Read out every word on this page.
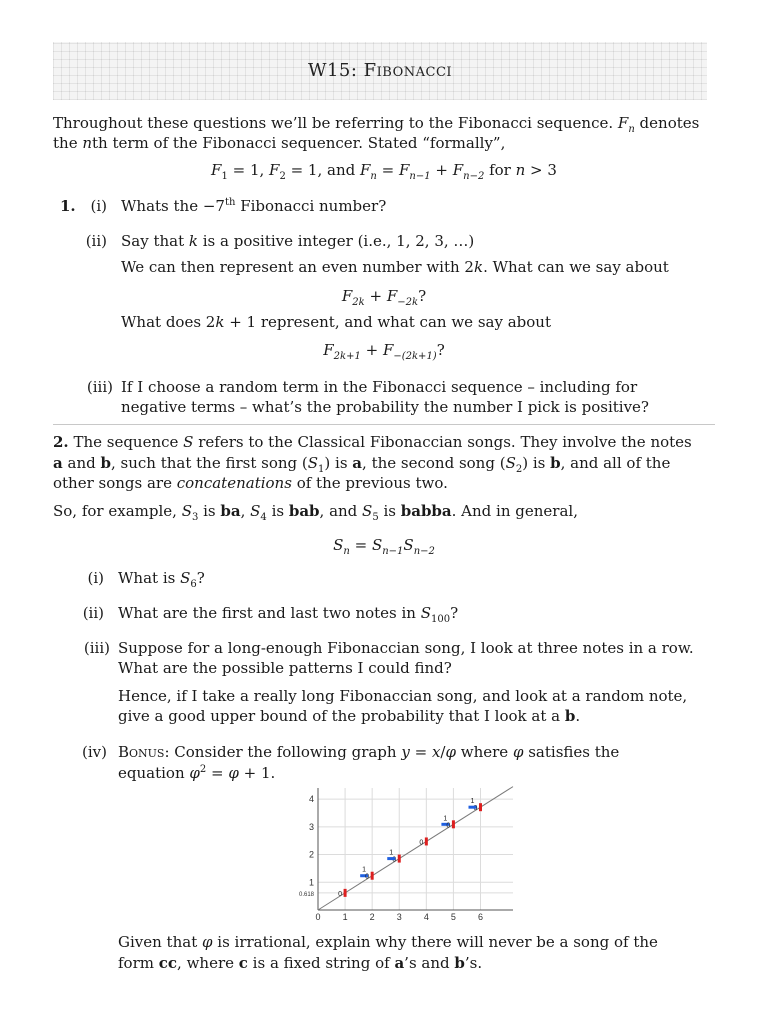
W15: Fibonacci
Throughout these questions we’ll be referring to the Fibonacci sequence. $F_n$ denotes
the nth term of the Fibonacci sequencer. Stated “formally”,
$F_1 = 1$, $F_2 = 1$, and $F_n = F_{n-1} + F_{n-2}$ for n > 3
1. (i) Whats the −7th Fibonacci number?
(ii) Say that k is a positive integer (i.e., 1, 2, 3, …)
We can then represent an even number with 2k. What can we say about
$F_{2k} + F_{-2k}$?
What does 2k + 1 represent, and what can we say about
$F_{2k+1} + F_{-(2k+1)}$?
(iii) If I choose a random term in the Fibonacci sequence – including for
negative terms – what’s the probability the number I pick is positive?
2. The sequence S refers to the Classical Fibonaccian songs. They involve the notes
a and b, such that the first song $(S_1)$ is a, the second song $(S_2)$ is b, and all of the
other songs are concatenations of the previous two.
So, for example, $S_3$ is ba, $S_4$ is bab, and $S_5$ is babba. And in general,
$S_n = S_{n-1}S_{n-2}$
(i) What is $S_6$?
(ii) What are the first and last two notes in $S_{100}$?
(iii) Suppose for a long-enough Fibonaccian song, I look at three notes in a row.
What are the possible patterns I could find?
Hence, if I take a really long Fibonaccian song, and look at a random note,
give a good upper bound of the probability that I look at a b.
(iv) Bonus: Consider the following graph y = x/φ where φ satisfies the
equation $\varphi^2 = \varphi + 1$.
0
1
0
1
0
1
0
1
0 1 2 3 4 5 6
0.618
1
2
3
4
Given that φ is irrational, explain why there will never be a song of the
form cc, where c is a fixed string of a’s and b’s.
